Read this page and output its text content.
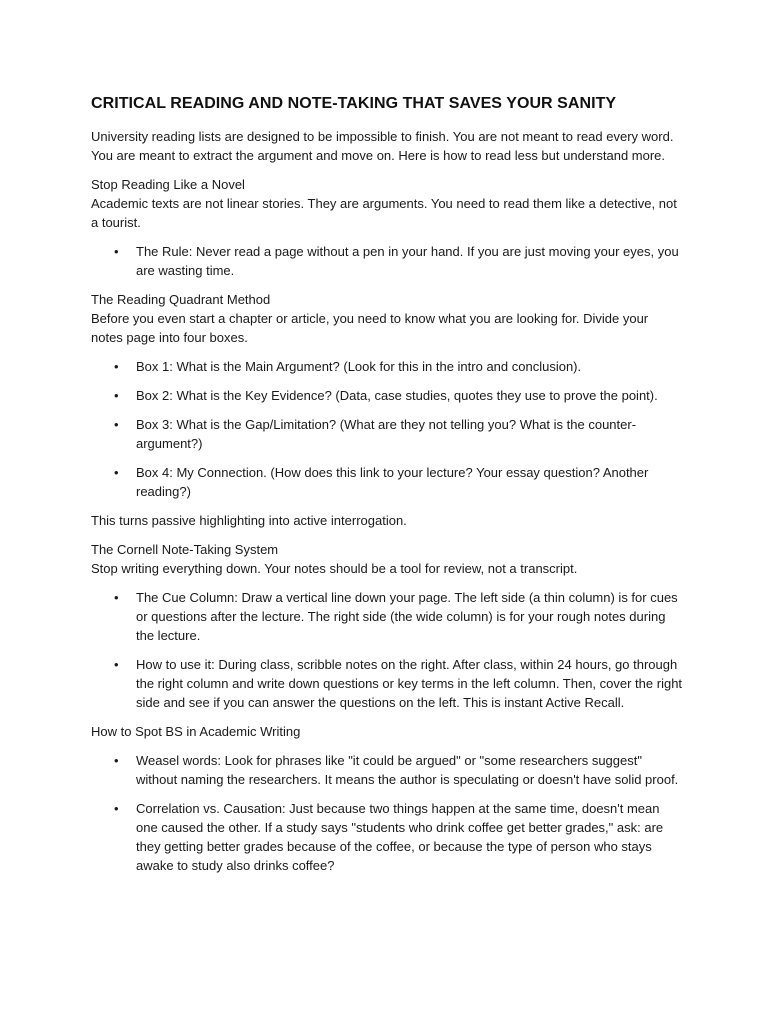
CRITICAL READING AND NOTE-TAKING THAT SAVES YOUR SANITY

University reading lists are designed to be impossible to finish. You are not meant to read every word. You are meant to extract the argument and move on. Here is how to read less but understand more.

Stop Reading Like a Novel

Academic texts are not linear stories. They are arguments. You need to read them like a detective, not a tourist.

• The Rule: Never read a page without a pen in your hand. If you are just moving your eyes, you are wasting time.
The Reading Quadrant Method

Before you even start a chapter or article, you need to know what you are looking for. Divide your notes page into four boxes.

• Box 1: What is the Main Argument? (Look for this in the intro and conclusion).
• Box 2: What is the Key Evidence? (Data, case studies, quotes they use to prove the point).
• Box 3: What is the Gap/Limitation? (What are they not telling you? What is the counter-argument?)
• Box 4: My Connection. (How does this link to your lecture? Your essay question? Another reading?)

This turns passive highlighting into active interrogation.

The Cornell Note-Taking System

Stop writing everything down. Your notes should be a tool for review, not a transcript.

• The Cue Column: Draw a vertical line down your page. The left side (a thin column) is for cues or questions after the lecture. The right side (the wide column) is for your rough notes during the lecture.
• How to use it: During class, scribble notes on the right. After class, within 24 hours, go through the right column and write down questions or key terms in the left column. Then, cover the right side and see if you can answer the questions on the left. This is instant Active Recall.

How to Spot BS in Academic Writing

• Weasel words: Look for phrases like "it could be argued" or "some researchers suggest" without naming the researchers. It means the author is speculating or doesn't have solid proof.
• Correlation vs. Causation: Just because two things happen at the same time, doesn't mean one caused the other. If a study says "students who drink coffee get better grades," ask: are they getting better grades because of the coffee, or because the type of person who stays awake to study also drinks coffee?
